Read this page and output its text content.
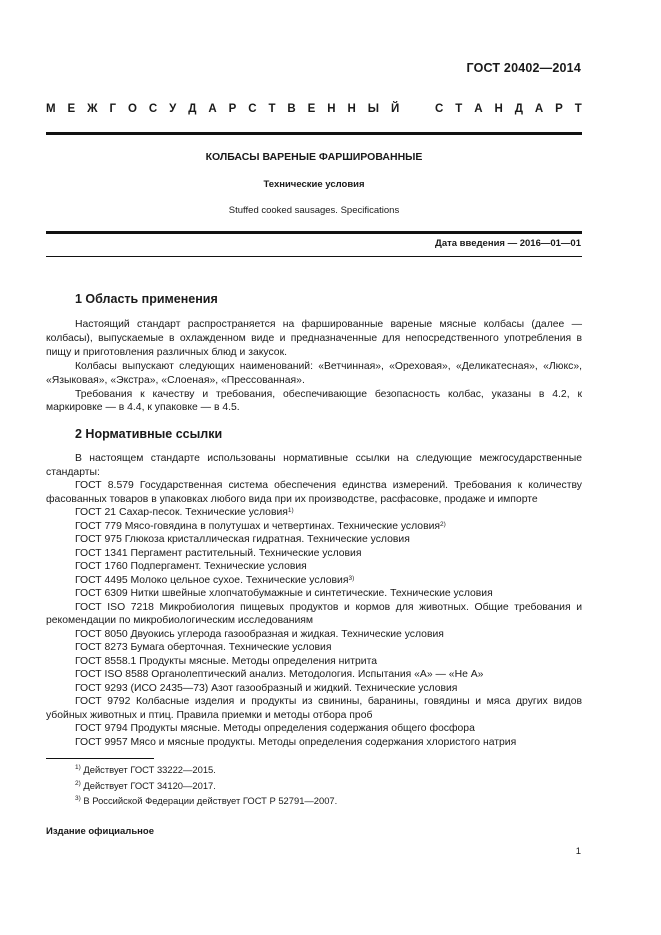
ГОСТ 20402—2014
М Е Ж Г О С У Д А Р С Т В Е Н Н Ы Й	С Т А Н Д А Р Т
КОЛБАСЫ ВАРЕНЫЕ ФАРШИРОВАННЫЕ
Технические условия
Stuffed cooked sausages. Specifications
Дата введения — 2016—01—01
1 Область применения

Настоящий стандарт распространяется на фаршированные вареные мясные колбасы (далее — колбасы), выпускаемые в охлажденном виде и предназначенные для непосредственного употребления в пищу и приготовления различных блюд и закусок.

Колбасы выпускают следующих наименований: «Ветчинная», «Ореховая», «Деликатесная», «Люкс», «Языковая», «Экстра», «Слоеная», «Прессованная».

Требования к качеству и требования, обеспечивающие безопасность колбас, указаны в 4.2, к маркировке — в 4.4, к упаковке — в 4.5.

2 Нормативные ссылки

В настоящем стандарте использованы нормативные ссылки на следующие межгосударственные стандарты:

ГОСТ 8.579 Государственная система обеспечения единства измерений. Требования к количеству фасованных товаров в упаковках любого вида при их производстве, расфасовке, продаже и импорте

ГОСТ 21 Сахар-песок. Технические условия$^{1)}$

ГОСТ 779 Мясо-говядина в полутушах и четвертинах. Технические условия$^{2)}$

ГОСТ 975 Глюкоза кристаллическая гидратная. Технические условия

ГОСТ 1341 Пергамент растительный. Технические условия

ГОСТ 1760 Подпергамент. Технические условия

ГОСТ 4495 Молоко цельное сухое. Технические условия$^{3)}$

ГОСТ 6309 Нитки швейные хлопчатобумажные и синтетические. Технические условия

ГОСТ ISO 7218 Микробиология пищевых продуктов и кормов для животных. Общие требования и рекомендации по микробиологическим исследованиям

ГОСТ 8050 Двуокись углерода газообразная и жидкая. Технические условия

ГОСТ 8273 Бумага оберточная. Технические условия

ГОСТ 8558.1 Продукты мясные. Методы определения нитрита

ГОСТ ISO 8588 Органолептический анализ. Методология. Испытания «А» — «Не А»

ГОСТ 9293 (ИСО 2435—73) Азот газообразный и жидкий. Технические условия

ГОСТ 9792 Колбасные изделия и продукты из свинины, баранины, говядины и мяса других видов убойных животных и птиц. Правила приемки и методы отбора проб

ГОСТ 9794 Продукты мясные. Методы определения содержания общего фосфора

ГОСТ 9957 Мясо и мясные продукты. Методы определения содержания хлористого натрия

$^{1)}$ Действует ГОСТ 33222—2015.
$^{2)}$ Действует ГОСТ 34120—2017.
$^{3)}$ В Российской Федерации действует ГОСТ Р 52791—2007.
Издание официальное
1
